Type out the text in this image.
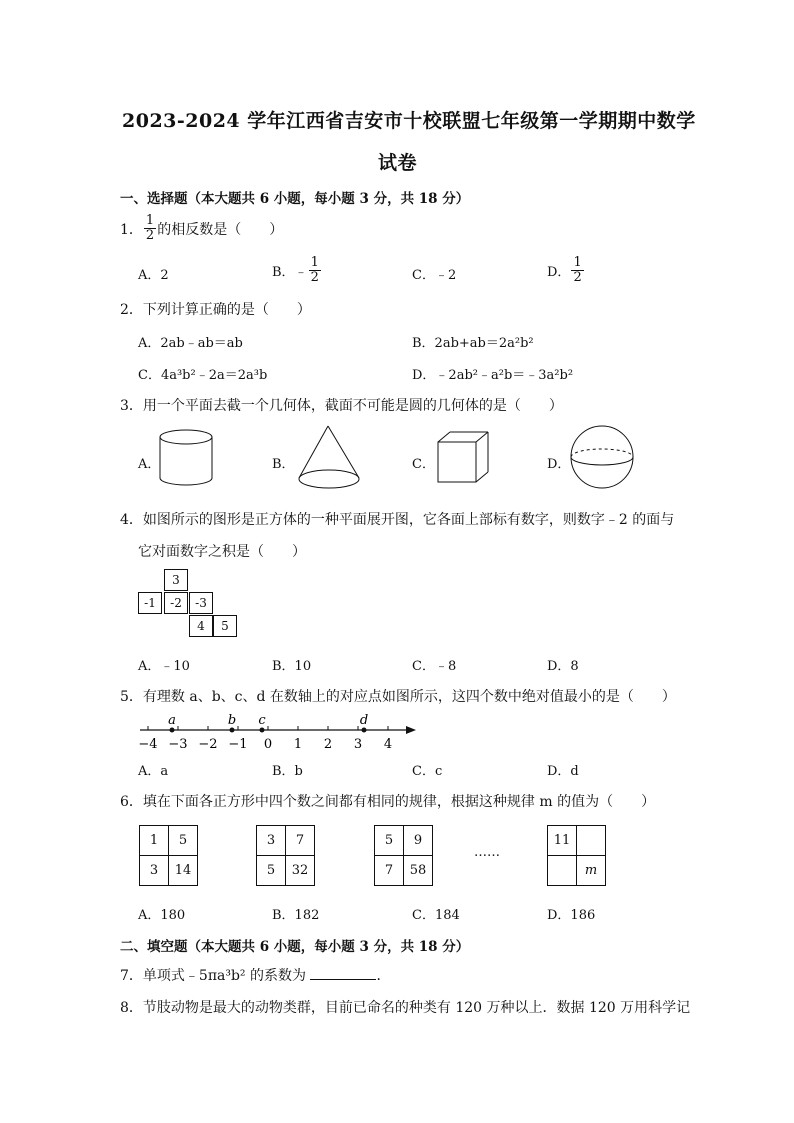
2023-2024 学年江西省吉安市十校联盟七年级第一学期期中数学
试卷
一、选择题（本大题共 6 小题，每小题 3 分，共 18 分）
1． $\frac{1}{2}$ 的相反数是（　　）
A．2	B．﹣ $\frac{1}{2}$	C．﹣2	D． $\frac{1}{2}$
2．下列计算正确的是（　　）
A．2ab﹣ab＝ab	B．2ab+ab＝2a²b²
C．4a³b²﹣2a＝2a³b	D．﹣2ab²﹣a²b＝﹣3a²b²
3．用一个平面去截一个几何体，截面不可能是圆的几何体的是（　　）
A．	B．	C．	D．
4．如图所示的图形是正方体的一种平面展开图，它各面上部标有数字，则数字﹣2 的面与
它对面数字之积是（　　）
3
-1	-2	-3
4	5
A．﹣10	B．10	C．﹣8	D．8
5．有理数 a、b、c、d 在数轴上的对应点如图所示，这四个数中绝对值最小的是（　　）
−4 −3 −2 −1 0 1 2 3 4
a	b c	d
A．a	B．b	C．c	D．d
6．填在下面各正方形中四个数之间都有相同的规律，根据这种规律 m 的值为（　　）
1	5
3	14
3	7
5	32
5	9
7	58
……
11	
	m
A．180	B．182	C．184	D．186
二、填空题（本大题共 6 小题，每小题 3 分，共 18 分）
7．单项式﹣5πa³b² 的系数为	．
8．节肢动物是最大的动物类群，目前已命名的种类有 120 万种以上．数据 120 万用科学记
